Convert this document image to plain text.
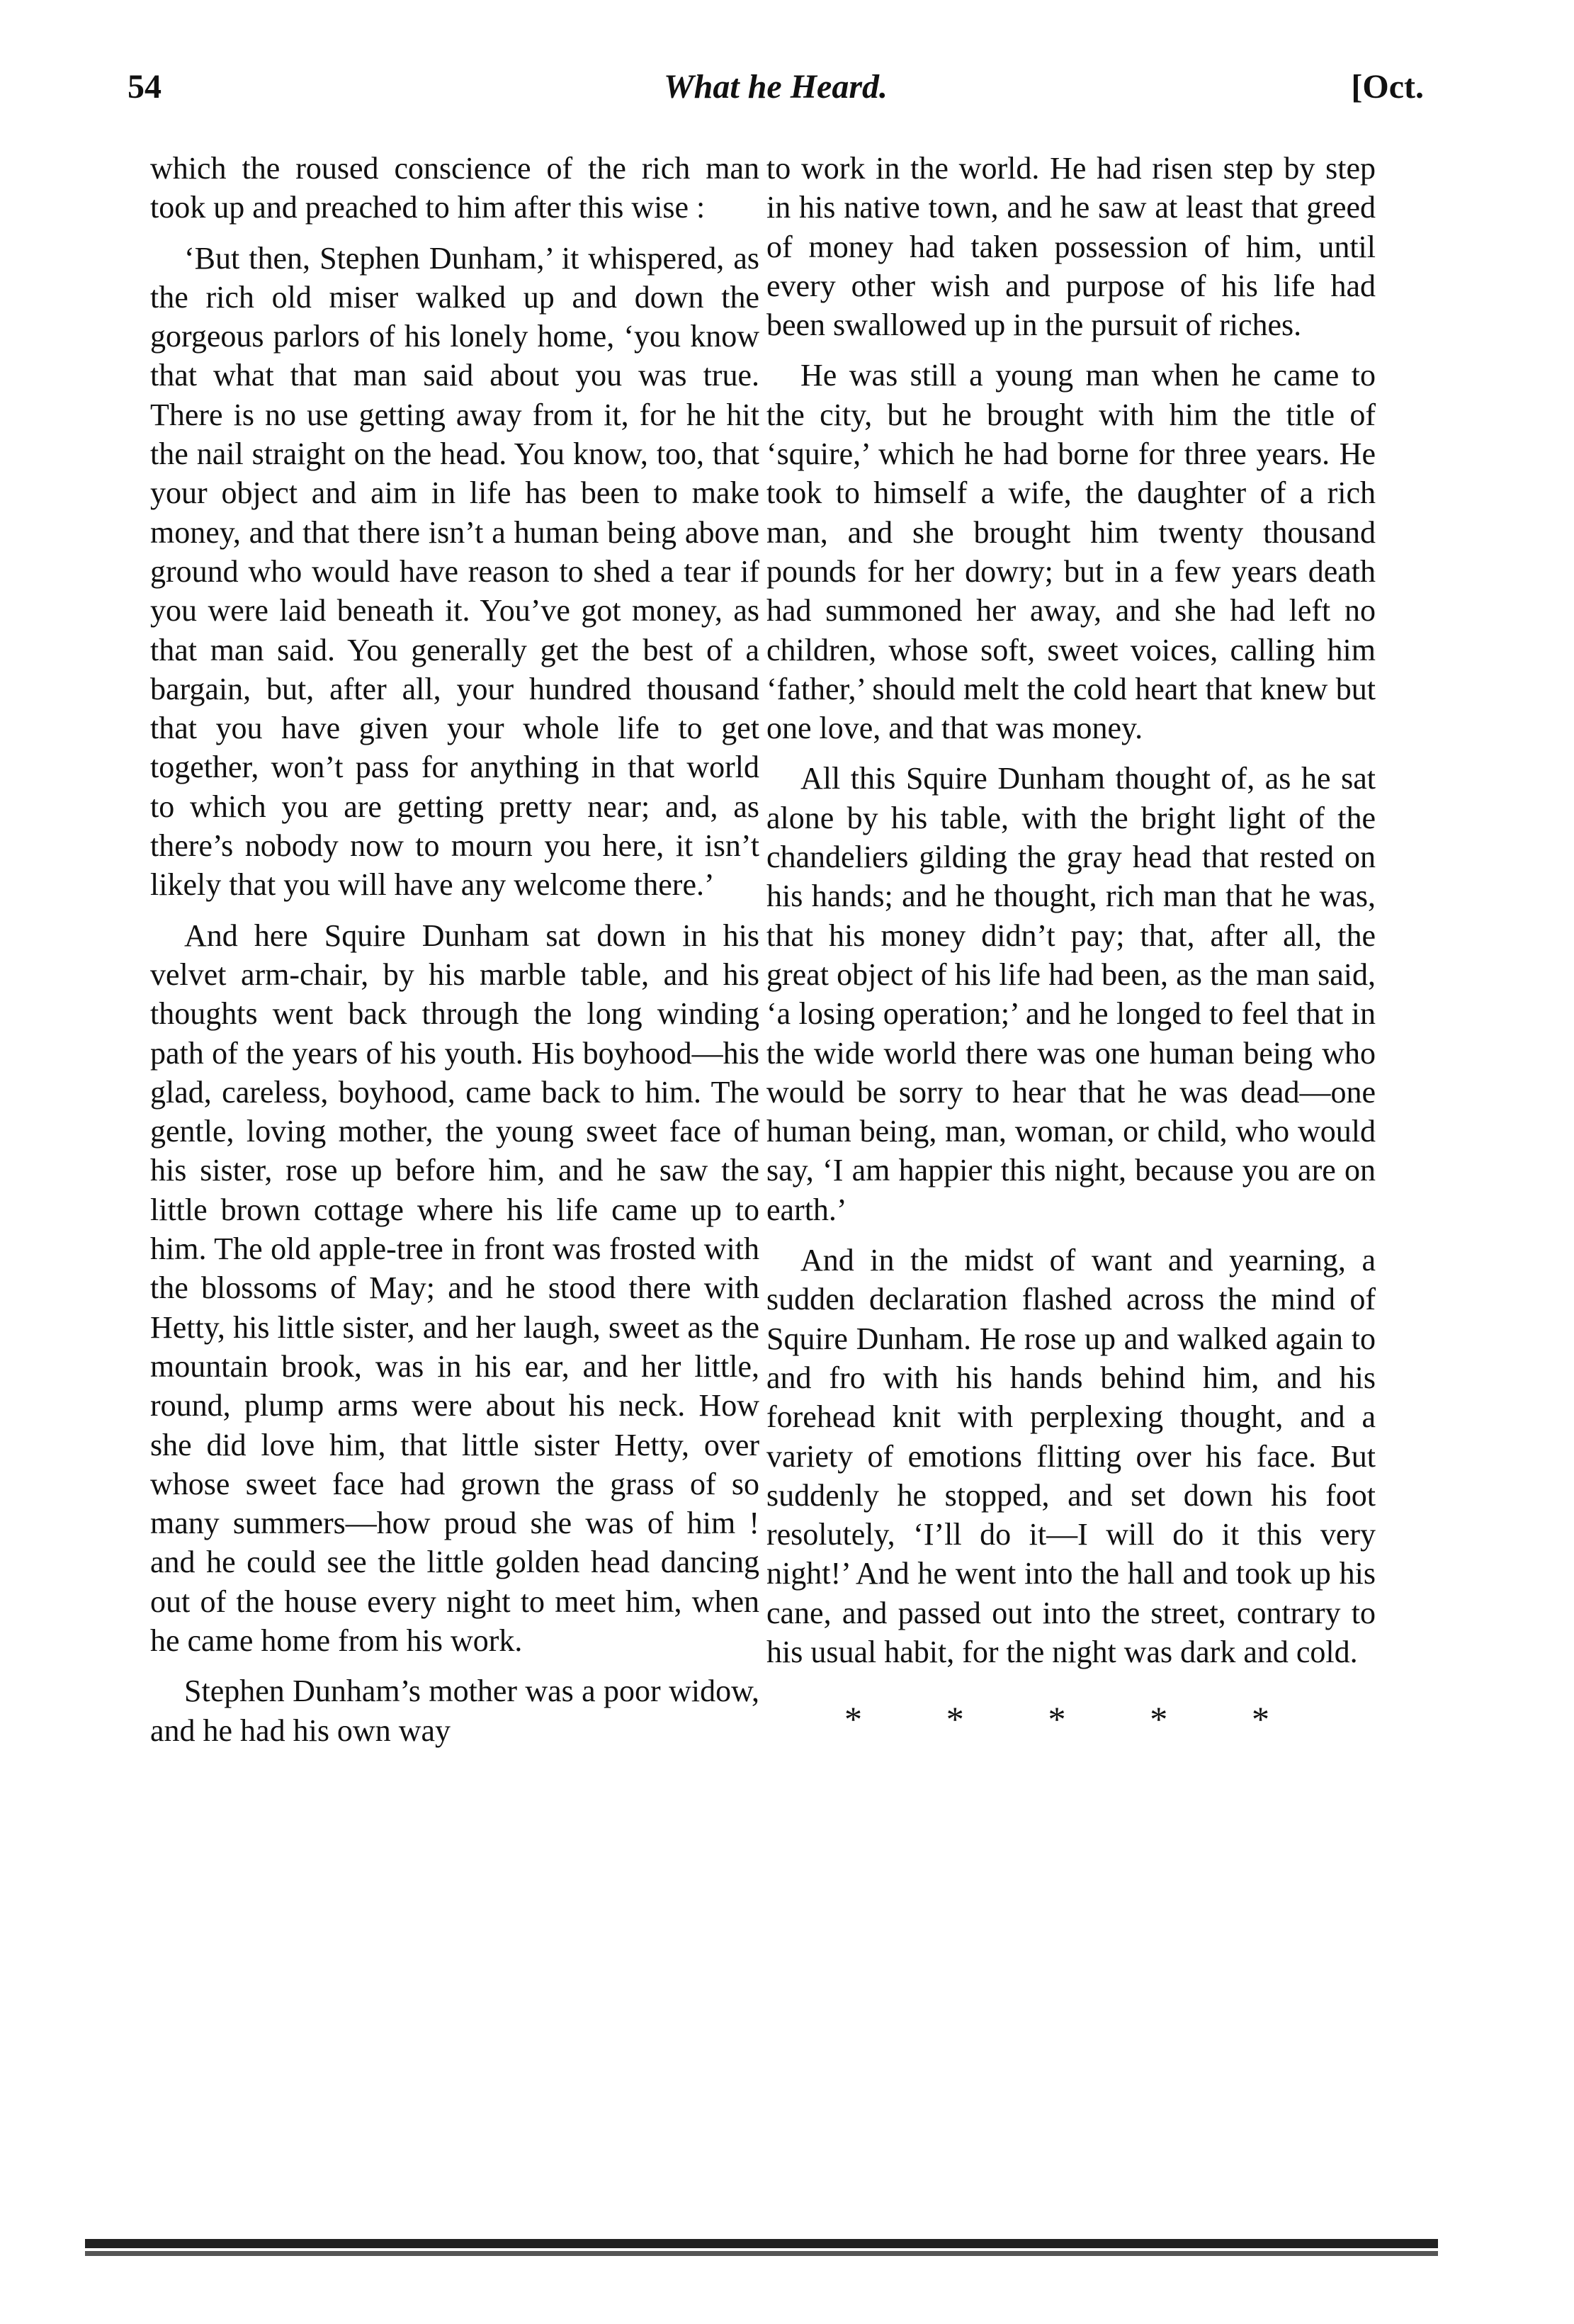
54	What he Heard.	[Oct.

which the roused conscience of the rich man took up and preached to him after this wise :

‘But then, Stephen Dunham,’ it whispered, as the rich old miser walked up and down the gorgeous parlors of his lonely home, ‘you know that what that man said about you was true. There is no use getting away from it, for he hit the nail straight on the head. You know, too, that your object and aim in life has been to make money, and that there isn’t a human being above ground who would have reason to shed a tear if you were laid beneath it. You’ve got money, as that man said. You generally get the best of a bargain, but, after all, your hundred thousand that you have given your whole life to get together, won’t pass for anything in that world to which you are getting pretty near; and, as there’s nobody now to mourn you here, it isn’t likely that you will have any welcome there.’

And here Squire Dunham sat down in his velvet arm-chair, by his marble table, and his thoughts went back through the long winding path of the years of his youth. His boyhood—his glad, careless, boyhood, came back to him. The gentle, loving mother, the young sweet face of his sister, rose up before him, and he saw the little brown cottage where his life came up to him. The old apple-tree in front was frosted with the blossoms of May; and he stood there with Hetty, his little sister, and her laugh, sweet as the mountain brook, was in his ear, and her little, round, plump arms were about his neck. How she did love him, that little sister Hetty, over whose sweet face had grown the grass of so many summers—how proud she was of him ! and he could see the little golden head dancing out of the house every night to meet him, when he came home from his work.

Stephen Dunham’s mother was a poor widow, and he had his own way

to work in the world. He had risen step by step in his native town, and he saw at least that greed of money had taken possession of him, until every other wish and purpose of his life had been swallowed up in the pursuit of riches.

He was still a young man when he came to the city, but he brought with him the title of ‘squire,’ which he had borne for three years. He took to himself a wife, the daughter of a rich man, and she brought him twenty thousand pounds for her dowry; but in a few years death had summoned her away, and she had left no children, whose soft, sweet voices, calling him ‘father,’ should melt the cold heart that knew but one love, and that was money.

All this Squire Dunham thought of, as he sat alone by his table, with the bright light of the chandeliers gilding the gray head that rested on his hands; and he thought, rich man that he was, that his money didn’t pay; that, after all, the great object of his life had been, as the man said, ‘a losing operation;’ and he longed to feel that in the wide world there was one human being who would be sorry to hear that he was dead—one human being, man, woman, or child, who would say, ‘I am happier this night, because you are on earth.’

And in the midst of want and yearning, a sudden declaration flashed across the mind of Squire Dunham. He rose up and walked again to and fro with his hands behind him, and his forehead knit with perplexing thought, and a variety of emotions flitting over his face. But suddenly he stopped, and set down his foot resolutely, ‘I’ll do it—I will do it this very night!’ And he went into the hall and took up his cane, and passed out into the street, contrary to his usual habit, for the night was dark and cold.

* * * * *
